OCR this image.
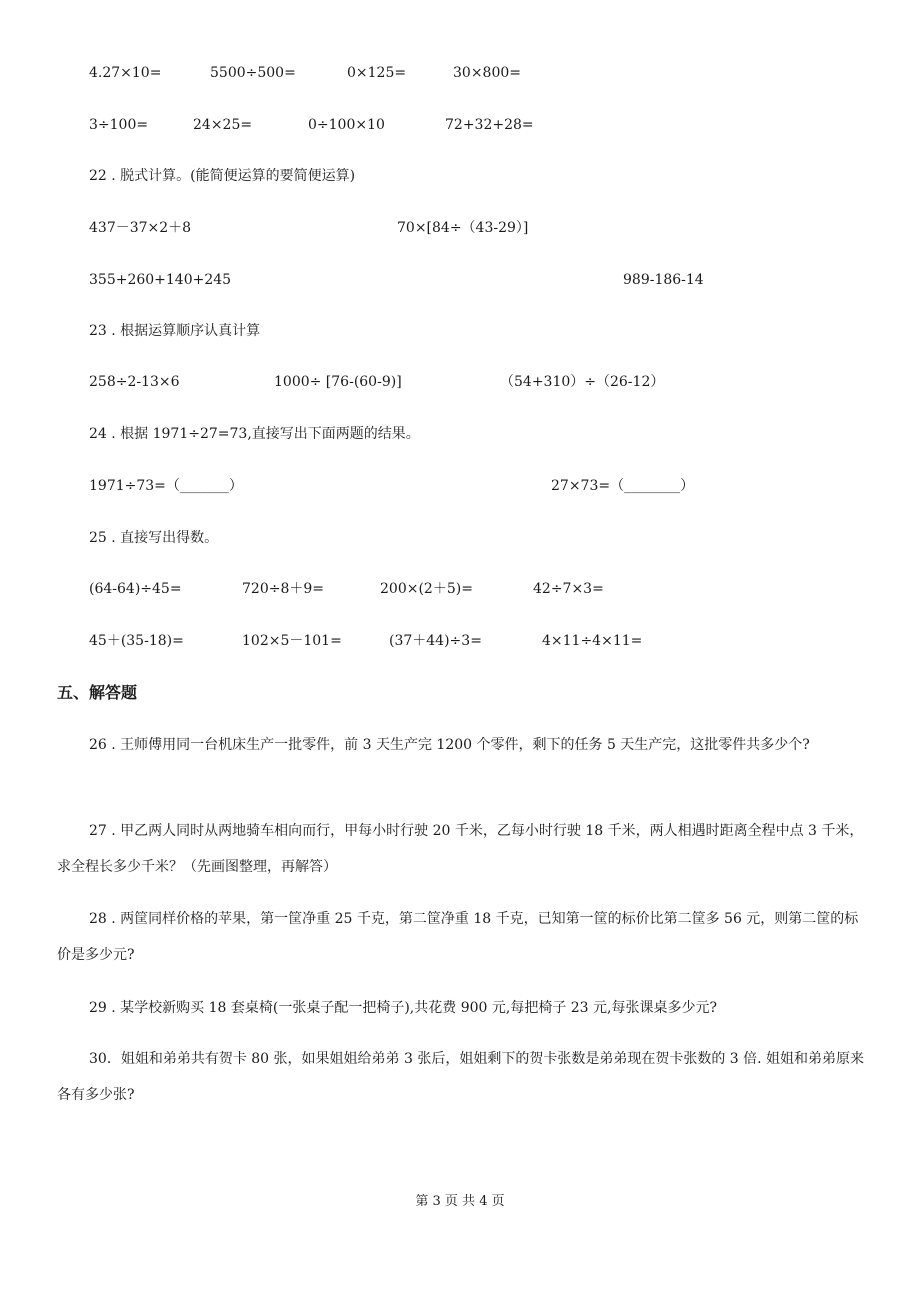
4.27×10=	5500÷500=	0×125=	30×800=
3÷100=	24×25=	0÷100×10	72+32+28=
22 . 脱式计算。(能简便运算的要简便运算)
437－37×2＋8	70×[84÷（43-29）]
355+260+140+245	989-186-14
23 . 根据运算顺序认真计算
258÷2-13×6	1000÷ [76-(60-9)]	（54+310）÷（26-12）
24 . 根据 1971÷27=73,直接写出下面两题的结果。
1971÷73=（_______）	27×73=（________）
25 . 直接写出得数。
(64-64)÷45=	720÷8＋9=	200×(2＋5)=	42÷7×3=
45＋(35-18)=	102×5－101=	(37＋44)÷3=	4×11÷4×11=
五、解答题
26 . 王师傅用同一台机床生产一批零件，前 3 天生产完 1200 个零件，剩下的任务 5 天生产完，这批零件共多少个?
27 . 甲乙两人同时从两地骑车相向而行，甲每小时行驶 20 千米，乙每小时行驶 18 千米，两人相遇时距离全程中点 3 千米，求全程长多少千米？（先画图整理，再解答）
28 . 两筐同样价格的苹果，第一筐净重 25 千克，第二筐净重 18 千克，已知第一筐的标价比第二筐多 56 元，则第二筐的标价是多少元?
29 . 某学校新购买 18 套桌椅(一张桌子配一把椅子),共花费 900 元,每把椅子 23 元,每张课桌多少元?
30．姐姐和弟弟共有贺卡 80 张，如果姐姐给弟弟 3 张后，姐姐剩下的贺卡张数是弟弟现在贺卡张数的 3 倍. 姐姐和弟弟原来各有多少张?
第 3 页 共 4 页
